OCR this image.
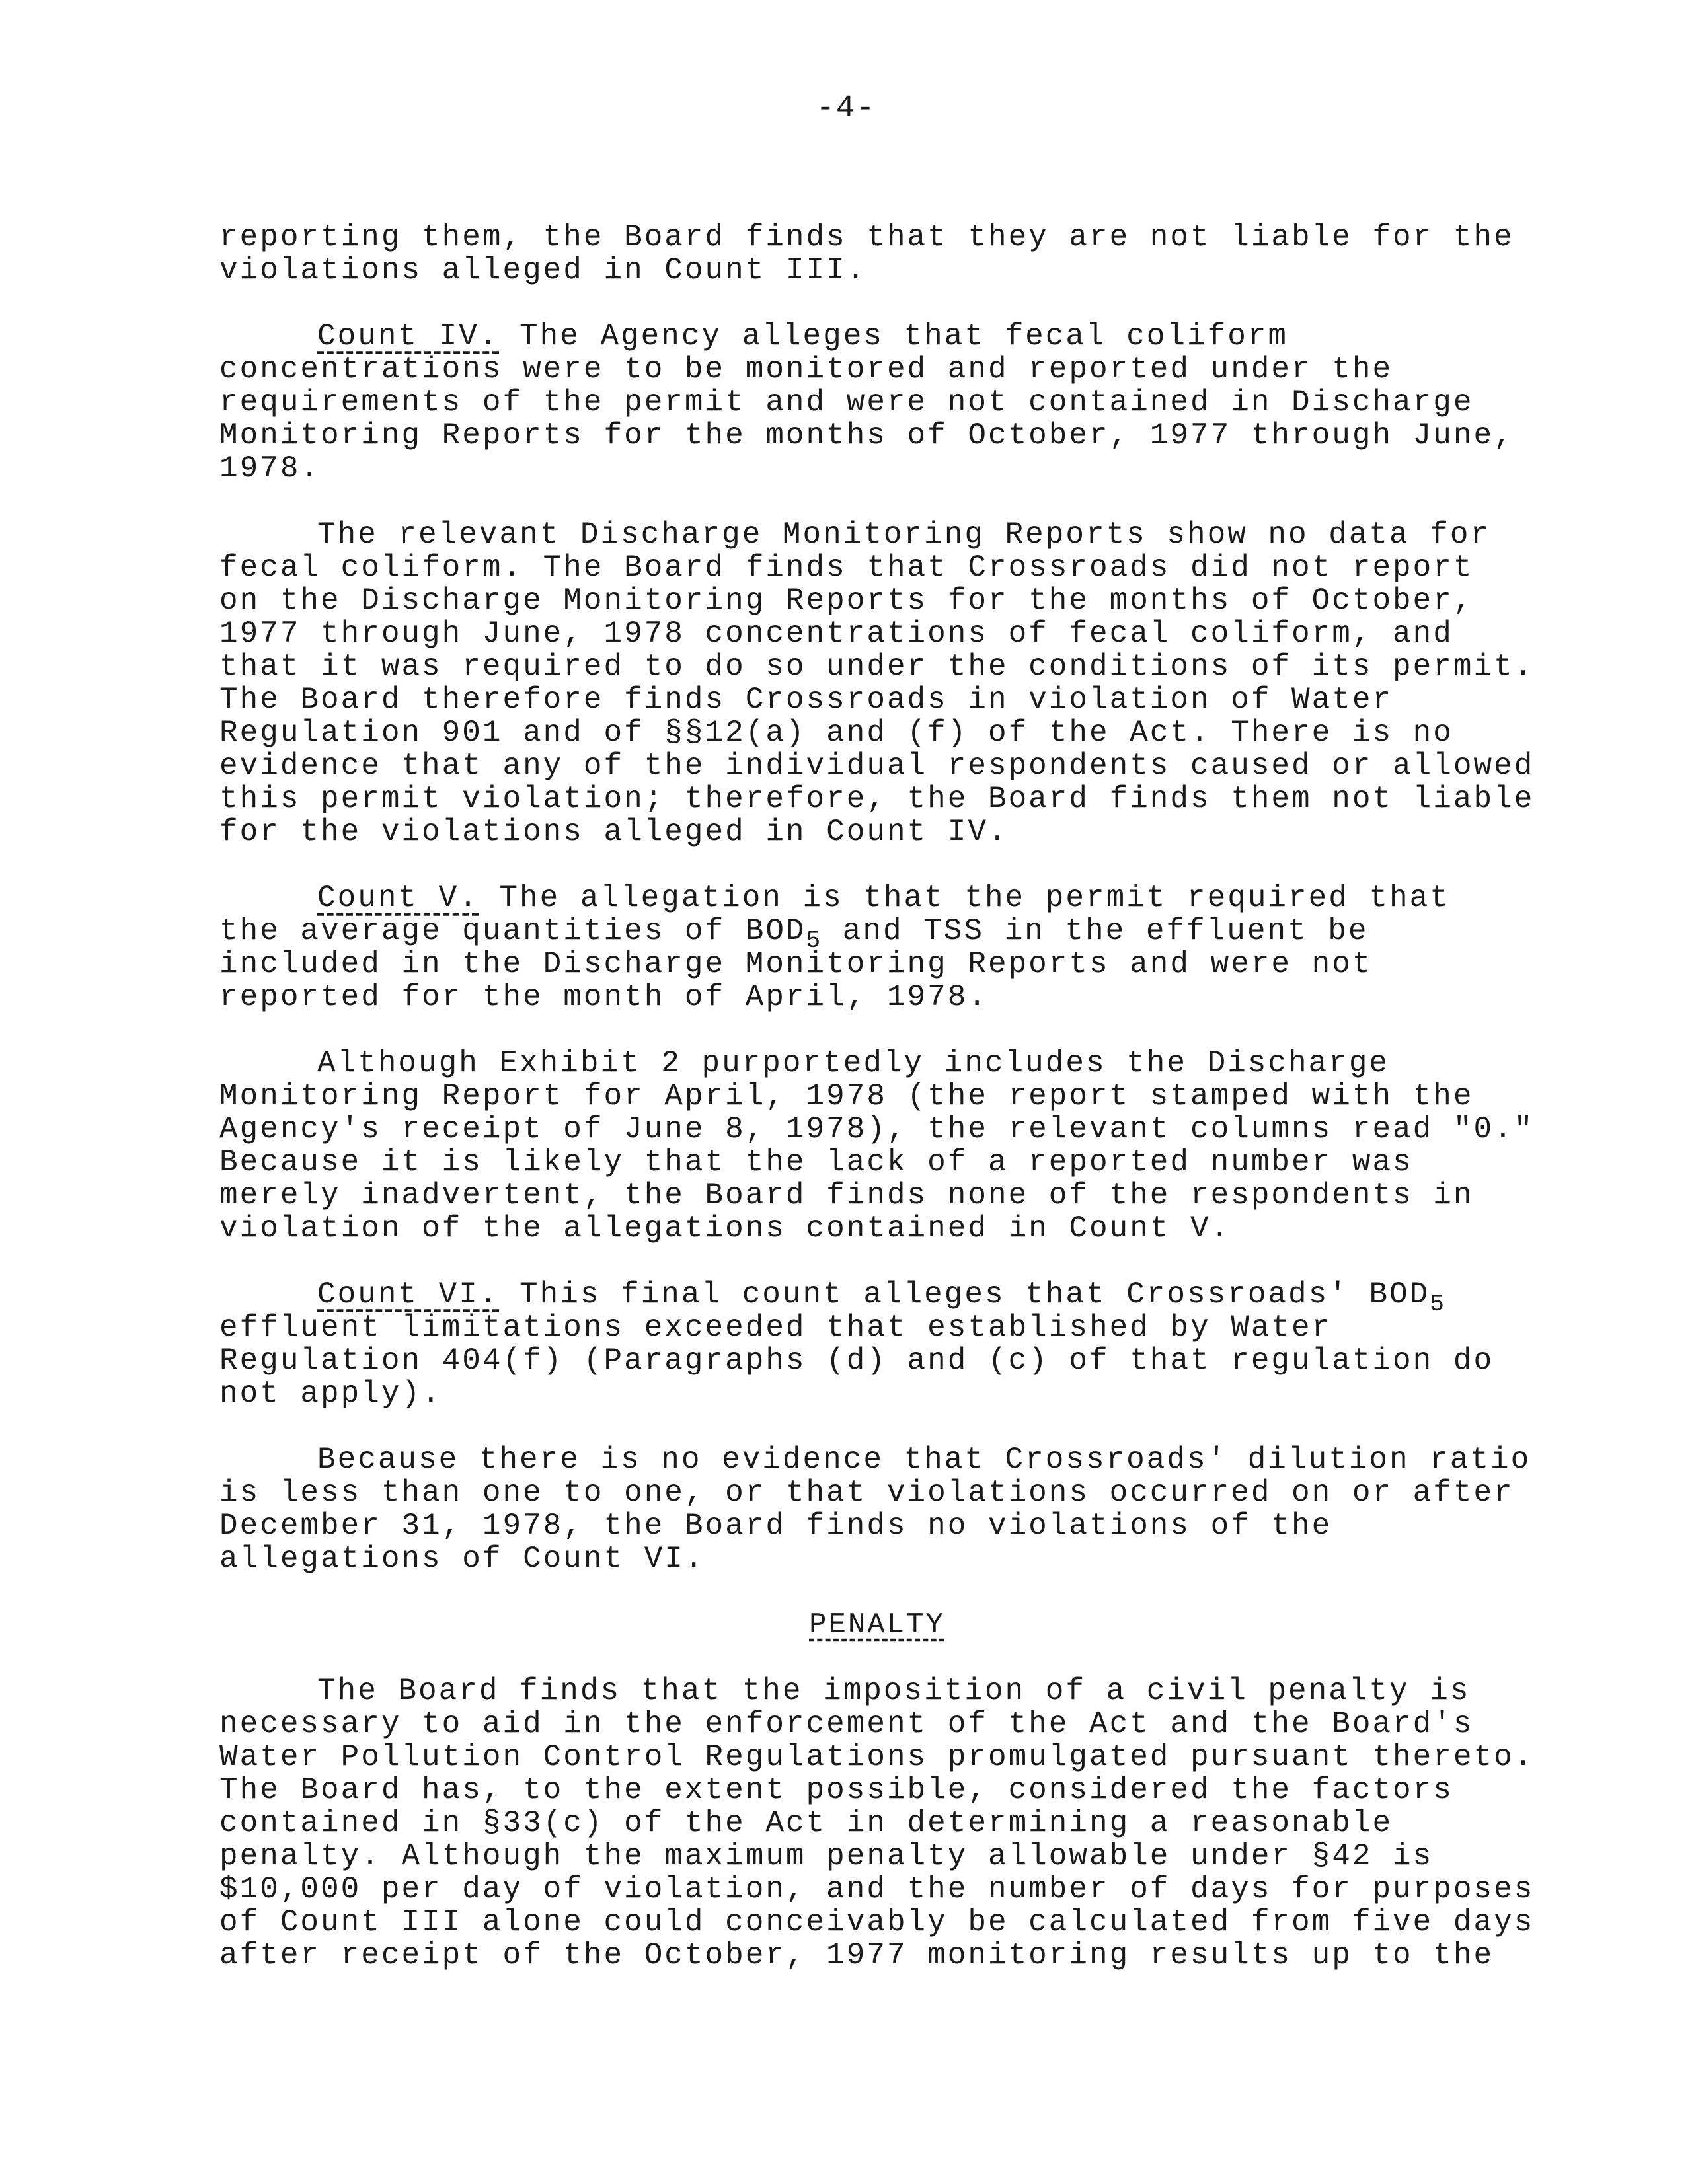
-4-

reporting them, the Board finds that they are not liable for the
violations alleged in Count III.

Count IV. The Agency alleges that fecal coliform
concentrations were to be monitored and reported under the
requirements of the permit and were not contained in Discharge
Monitoring Reports for the months of October, 1977 through June,
1978.

The relevant Discharge Monitoring Reports show no data for
fecal coliform. The Board finds that Crossroads did not report
on the Discharge Monitoring Reports for the months of October,
1977 through June, 1978 concentrations of fecal coliform, and
that it was required to do so under the conditions of its permit.
The Board therefore finds Crossroads in violation of Water
Regulation 901 and of §§12(a) and (f) of the Act. There is no
evidence that any of the individual respondents caused or allowed
this permit violation; therefore, the Board finds them not liable
for the violations alleged in Count IV.

Count V. The allegation is that the permit required that
the average quantities of $BOD_5$ and TSS in the effluent be
included in the Discharge Monitoring Reports and were not
reported for the month of April, 1978.

Although Exhibit 2 purportedly includes the Discharge
Monitoring Report for April, 1978 (the report stamped with the
Agency's receipt of June 8, 1978), the relevant columns read "0."
Because it is likely that the lack of a reported number was
merely inadvertent, the Board finds none of the respondents in
violation of the allegations contained in Count V.

Count VI. This final count alleges that Crossroads' $BOD_5$
effluent limitations exceeded that established by Water
Regulation 404(f) (Paragraphs (d) and (c) of that regulation do
not apply).

Because there is no evidence that Crossroads' dilution ratio
is less than one to one, or that violations occurred on or after
December 31, 1978, the Board finds no violations of the
allegations of Count VI.

PENALTY

The Board finds that the imposition of a civil penalty is
necessary to aid in the enforcement of the Act and the Board's
Water Pollution Control Regulations promulgated pursuant thereto.
The Board has, to the extent possible, considered the factors
contained in §33(c) of the Act in determining a reasonable
penalty. Although the maximum penalty allowable under §42 is
$10,000 per day of violation, and the number of days for purposes
of Count III alone could conceivably be calculated from five days
after receipt of the October, 1977 monitoring results up to the
